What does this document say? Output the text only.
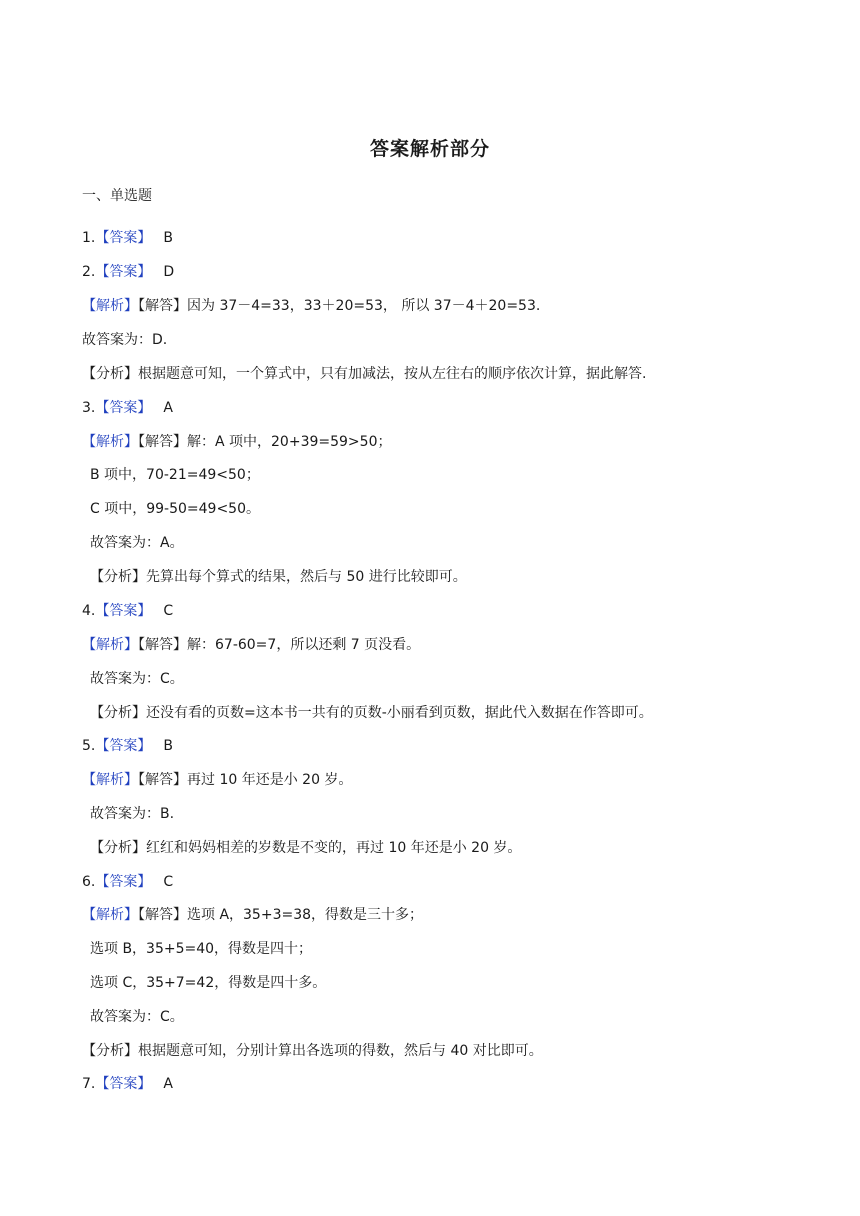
答案解析部分
一、单选题
1.【答案】 B
2.【答案】 D
【解析】【解答】因为 37－4=33，33＋20=53， 所以 37－4＋20=53.
故答案为：D.
【分析】根据题意可知，一个算式中，只有加减法，按从左往右的顺序依次计算，据此解答.
3.【答案】 A
【解析】【解答】解：A 项中，20+39=59>50；
B 项中，70-21=49<50；
C 项中，99-50=49<50。
故答案为：A。
【分析】先算出每个算式的结果，然后与 50 进行比较即可。
4.【答案】 C
【解析】【解答】解：67-60=7，所以还剩 7 页没看。
故答案为：C。
【分析】还没有看的页数=这本书一共有的页数-小丽看到页数，据此代入数据在作答即可。
5.【答案】 B
【解析】【解答】再过 10 年还是小 20 岁。
故答案为：B.
【分析】红红和妈妈相差的岁数是不变的，再过 10 年还是小 20 岁。
6.【答案】 C
【解析】【解答】选项 A，35+3=38，得数是三十多；
选项 B，35+5=40，得数是四十；
选项 C，35+7=42，得数是四十多。
故答案为：C。
【分析】根据题意可知，分别计算出各选项的得数，然后与 40 对比即可。
7.【答案】 A
